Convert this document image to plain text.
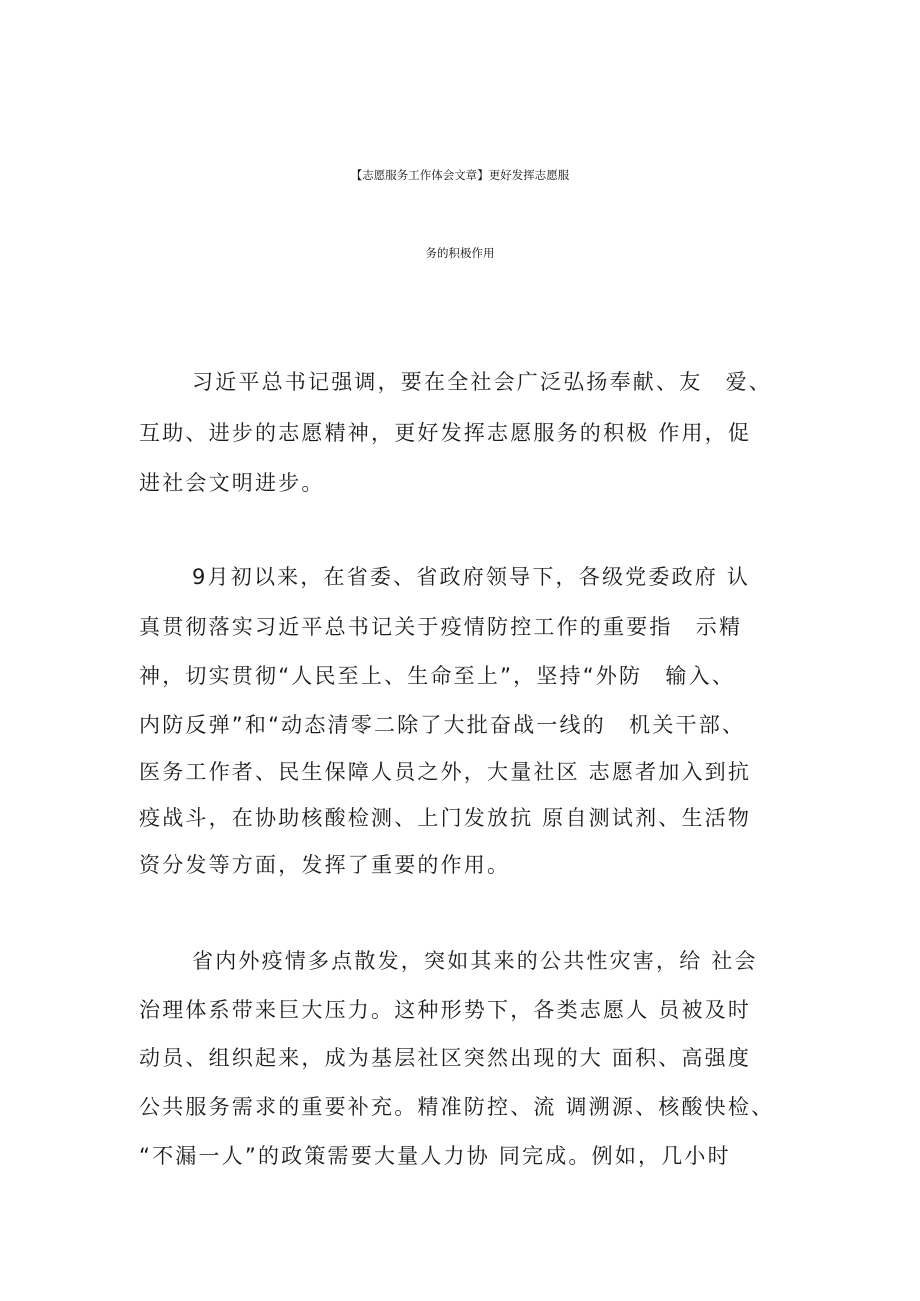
【志愿服务工作体会文章】更好发挥志愿服
务的积极作用

习近平总书记强调，要在全社会广泛弘扬奉献、友　爱、

互助、进步的志愿精神，更好发挥志愿服务的积极 作用，促

进社会文明进步。

9月初以来，在省委、省政府领导下，各级党委政府 认

真贯彻落实习近平总书记关于疫情防控工作的重要指　示精

神，切实贯彻“人民至上、生命至上”，坚持“外防　输入、

内防反弹”和“动态清零二除了大批奋战一线的　机关干部、

医务工作者、民生保障人员之外，大量社区 志愿者加入到抗

疫战斗，在协助核酸检测、上门发放抗 原自测试剂、生活物

资分发等方面，发挥了重要的作用。

省内外疫情多点散发，突如其来的公共性灾害，给 社会

治理体系带来巨大压力。这种形势下，各类志愿人 员被及时

动员、组织起来，成为基层社区突然出现的大 面积、高强度

公共服务需求的重要补充。精准防控、流 调溯源、核酸快检、

“不漏一人”的政策需要大量人力协 同完成。例如，几小时
